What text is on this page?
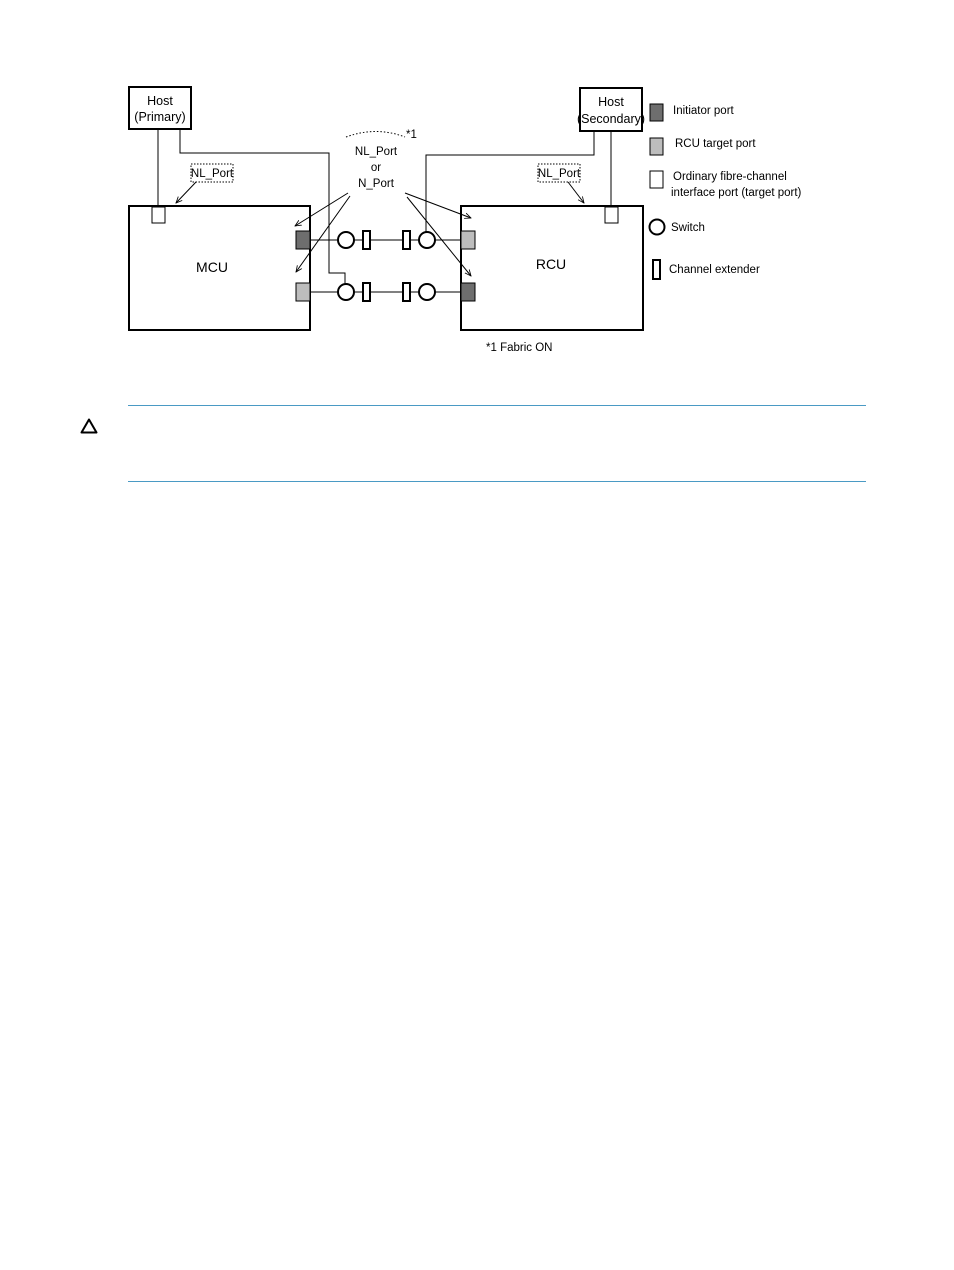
Host
(Primary)
Host
(Secondary)
MCU	RCU
NL_Port	NL_Port
NL_Port
or
N_Port
*1
*1 Fabric ON
Initiator port
RCU target port
Ordinary fibre-channel
interface port (target port)
Switch
Channel extender
